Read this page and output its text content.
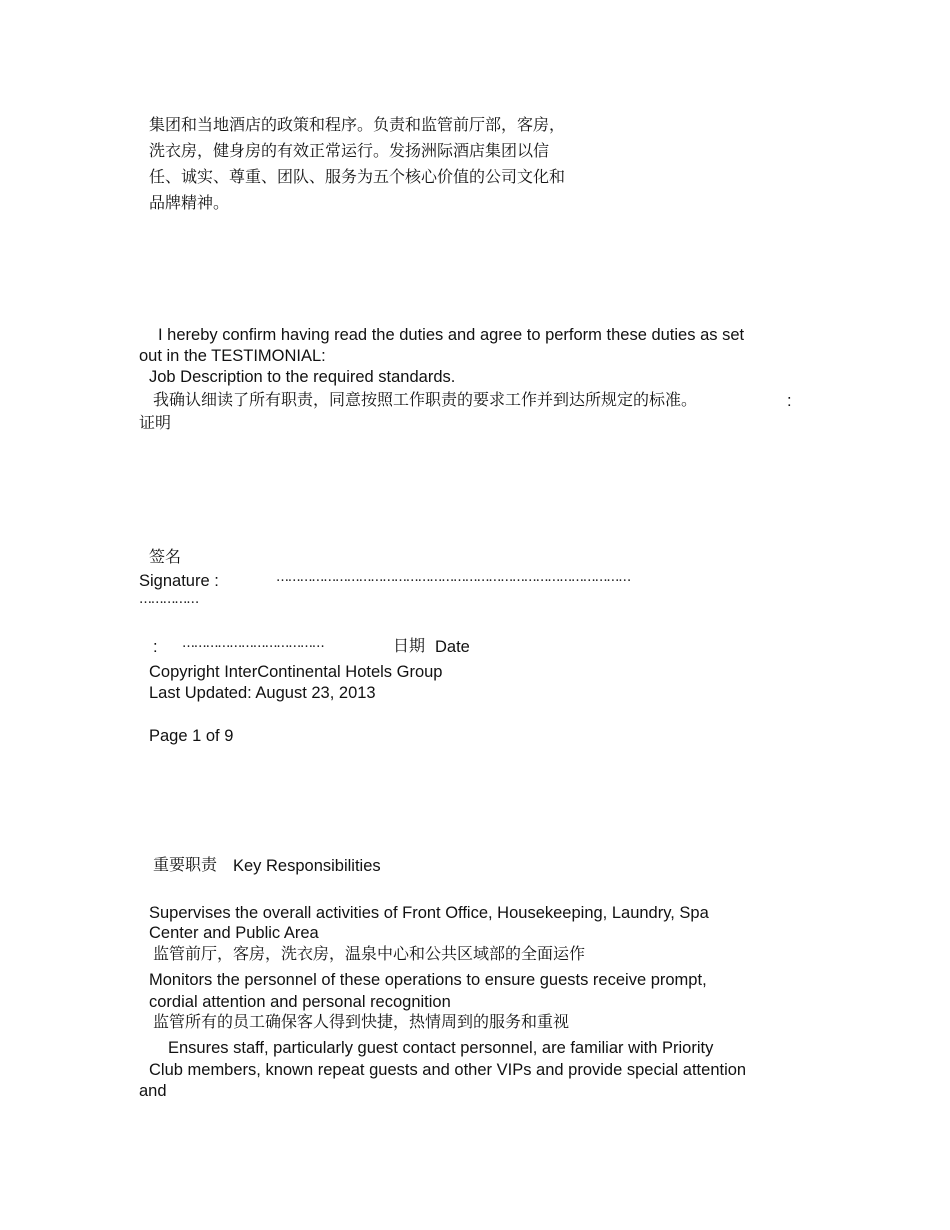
集团和当地酒店的政策和程序。负责和监管前厅部，客房，
洗衣房，健身房的有效正常运行。发扬洲际酒店集团以信
任、诚实、尊重、团队、服务为五个核心价值的公司文化和
品牌精神。
I hereby confirm having read the duties and agree to perform these duties as set
out in the TESTIMONIAL:
Job Description to the required standards.
我确认细读了所有职责，同意按照工作职责的要求工作并到达所规定的标准。	:
证明
签名
Signature :	………………………………………………………………………………
……………
: ………………………………	日期 Date
Copyright InterContinental Hotels Group
Last Updated: August 23, 2013
Page 1 of 9
重要职责 Key Responsibilities
Supervises the overall activities of Front Office, Housekeeping, Laundry, Spa
Center and Public Area
监管前厅，客房，洗衣房，温泉中心和公共区域部的全面运作
Monitors the personnel of these operations to ensure guests receive prompt,
cordial attention and personal recognition
监管所有的员工确保客人得到快捷，热情周到的服务和重视
Ensures staff, particularly guest contact personnel, are familiar with Priority
Club members, known repeat guests and other VIPs and provide special attention
and
